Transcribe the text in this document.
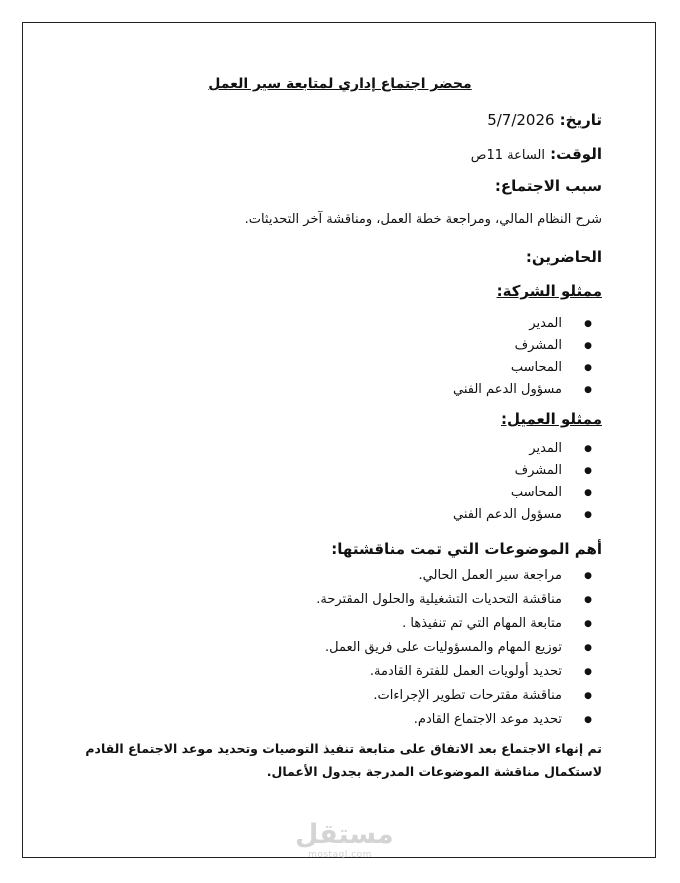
محضر اجتماع إداري لمتابعة سير العمل
تاريخ: 5/7/2026
الوقت: الساعة 11ص
سبب الاجتماع:
شرح النظام المالي، ومراجعة خطة العمل، ومناقشة آخر التحديثات.
الحاضرين:
ممثلو الشركة:
● المدير
● المشرف
● المحاسب
● مسؤول الدعم الفني
ممثلو العميل:
● المدير
● المشرف
● المحاسب
● مسؤول الدعم الفني
أهم الموضوعات التي تمت مناقشتها:
● مراجعة سير العمل الحالي.
● مناقشة التحديات التشغيلية والحلول المقترحة.
● متابعة المهام التي تم تنفيذها .
● توزيع المهام والمسؤوليات على فريق العمل.
● تحديد أولويات العمل للفترة القادمة.
● مناقشة مقترحات تطوير الإجراءات.
● تحديد موعد الاجتماع القادم.
تم إنهاء الاجتماع بعد الاتفاق على متابعة تنفيذ التوصيات وتحديد موعد الاجتماع القادم لاستكمال مناقشة الموضوعات المدرجة بجدول الأعمال.
مستقل
mostaql.com
